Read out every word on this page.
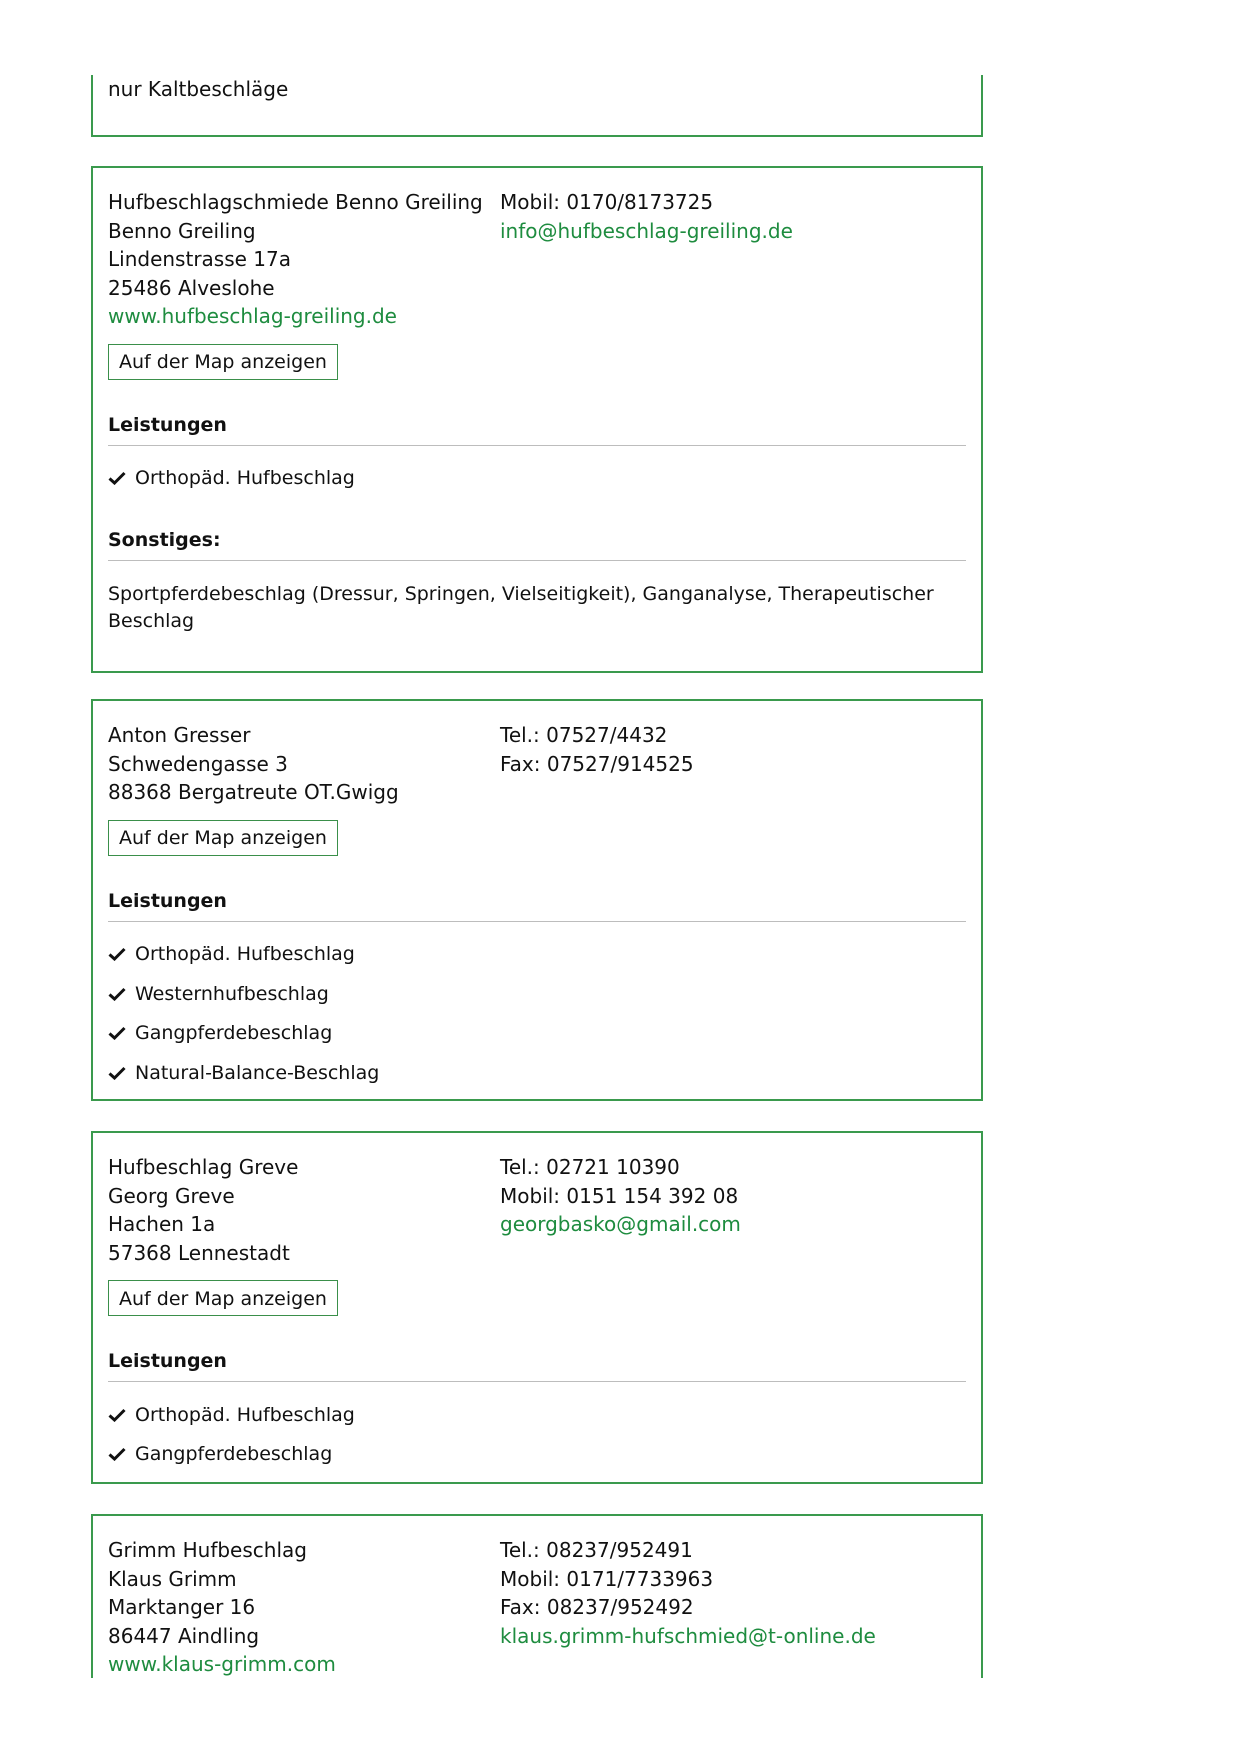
nur Kaltbeschläge
Hufbeschlagschmiede Benno Greiling
Benno Greiling
Lindenstrasse 17a
25486 Alveslohe
www.hufbeschlag-greiling.de
Mobil: 0170/8173725
info@hufbeschlag-greiling.de
Auf der Map anzeigen
Leistungen
Orthopäd. Hufbeschlag
Sonstiges:
Sportpferdebeschlag (Dressur, Springen, Vielseitigkeit), Ganganalyse, Therapeutischer Beschlag
Anton Gresser
Schwedengasse 3
88368 Bergatreute OT.Gwigg
Tel.: 07527/4432
Fax: 07527/914525
Auf der Map anzeigen
Leistungen
Orthopäd. Hufbeschlag
Westernhufbeschlag
Gangpferdebeschlag
Natural-Balance-Beschlag
Hufbeschlag Greve
Georg Greve
Hachen 1a
57368 Lennestadt
Tel.: 02721 10390
Mobil: 0151 154 392 08
georgbasko@gmail.com
Auf der Map anzeigen
Leistungen
Orthopäd. Hufbeschlag
Gangpferdebeschlag
Grimm Hufbeschlag
Klaus Grimm
Marktanger 16
86447 Aindling
www.klaus-grimm.com
Tel.: 08237/952491
Mobil: 0171/7733963
Fax: 08237/952492
klaus.grimm-hufschmied@t-online.de
